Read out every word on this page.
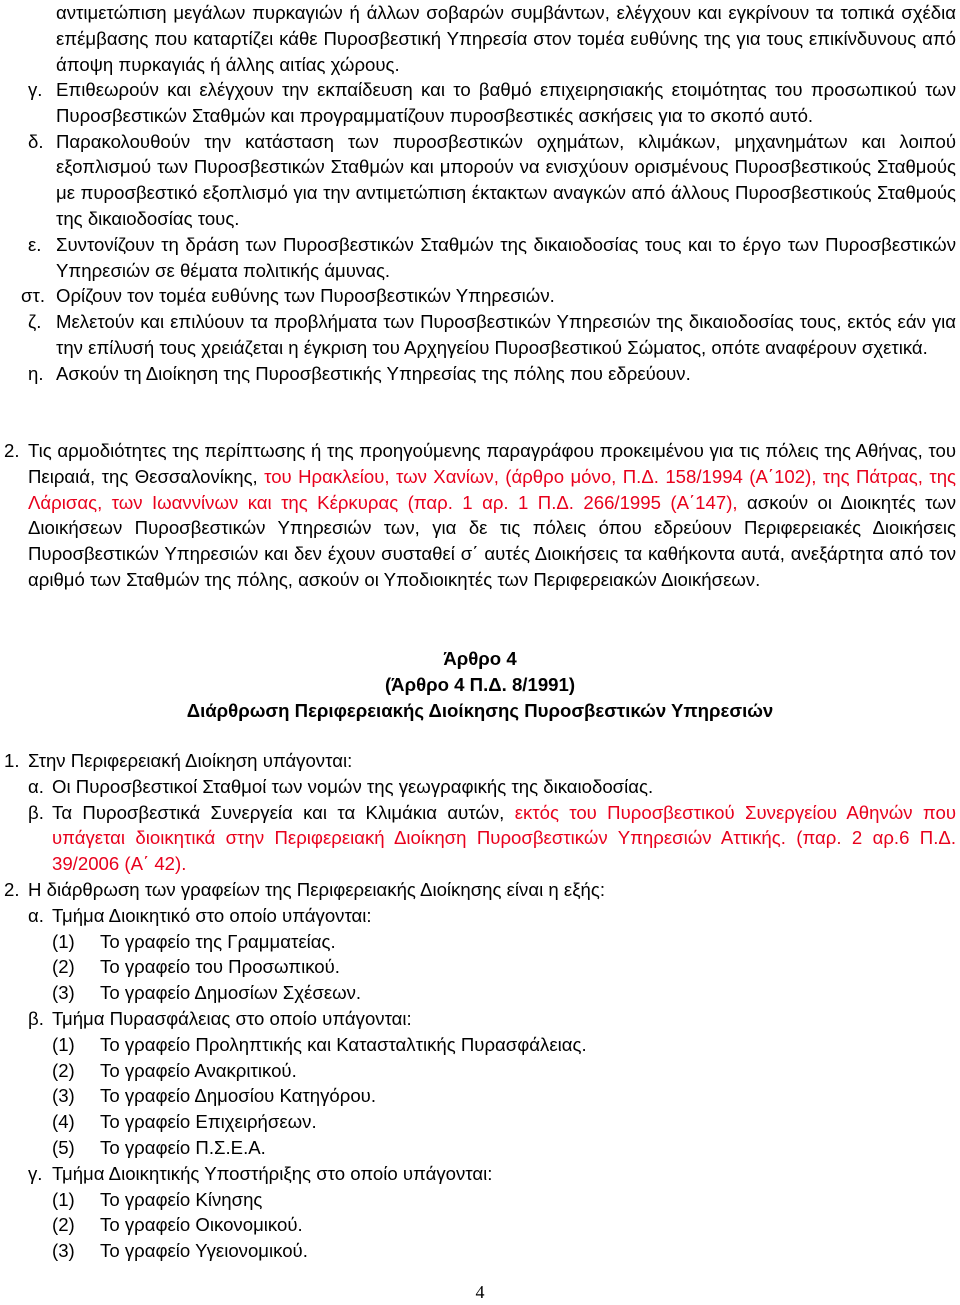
αντιμετώπιση μεγάλων πυρκαγιών ή άλλων σοβαρών συμβάντων, ελέγχουν και εγκρίνουν τα τοπικά σχέδια επέμβασης που καταρτίζει κάθε Πυροσβεστική Υπηρεσία στον τομέα ευθύνης της για τους επικίνδυνους από άποψη πυρκαγιάς ή άλλης αιτίας χώρους.
γ. Επιθεωρούν και ελέγχουν την εκπαίδευση και το βαθμό επιχειρησιακής ετοιμότητας του προσωπικού των Πυροσβεστικών Σταθμών και προγραμματίζουν πυροσβεστικές ασκήσεις για το σκοπό αυτό.
δ. Παρακολουθούν την κατάσταση των πυροσβεστικών οχημάτων, κλιμάκων, μηχανημάτων και λοιπού εξοπλισμού των Πυροσβεστικών Σταθμών και μπορούν να ενισχύουν ορισμένους Πυροσβεστικούς Σταθμούς με πυροσβεστικό εξοπλισμό για την αντιμετώπιση έκτακτων αναγκών από άλλους Πυροσβεστικούς Σταθμούς της δικαιοδοσίας τους.
ε. Συντονίζουν τη δράση των Πυροσβεστικών Σταθμών της δικαιοδοσίας τους και το έργο των Πυροσβεστικών Υπηρεσιών σε θέματα πολιτικής άμυνας.
στ. Ορίζουν τον τομέα ευθύνης των Πυροσβεστικών Υπηρεσιών.
ζ. Μελετούν και επιλύουν τα προβλήματα των Πυροσβεστικών Υπηρεσιών της δικαιοδοσίας τους, εκτός εάν για την επίλυσή τους χρειάζεται η έγκριση του Αρχηγείου Πυροσβεστικού Σώματος, οπότε αναφέρουν σχετικά.
η. Ασκούν τη Διοίκηση της Πυροσβεστικής Υπηρεσίας της πόλης που εδρεύουν.
2. Τις αρμοδιότητες της περίπτωσης ή της προηγούμενης παραγράφου προκειμένου για τις πόλεις της Αθήνας, του Πειραιά, της Θεσσαλονίκης, του Ηρακλείου, των Χανίων, (άρθρο μόνο, Π.Δ. 158/1994 (Α΄102), της Πάτρας, της Λάρισας, των Ιωαννίνων και της Κέρκυρας (παρ. 1 αρ. 1 Π.Δ. 266/1995 (Α΄147), ασκούν οι Διοικητές των Διοικήσεων Πυροσβεστικών Υπηρεσιών των, για δε τις πόλεις όπου εδρεύουν Περιφερειακές Διοικήσεις Πυροσβεστικών Υπηρεσιών και δεν έχουν συσταθεί σ΄ αυτές Διοικήσεις τα καθήκοντα αυτά, ανεξάρτητα από τον αριθμό των Σταθμών της πόλης, ασκούν οι Υποδιοικητές των Περιφερειακών Διοικήσεων.
Άρθρο 4
(Άρθρο 4 Π.Δ. 8/1991)
Διάρθρωση Περιφερειακής Διοίκησης Πυροσβεστικών Υπηρεσιών
1. Στην Περιφερειακή Διοίκηση υπάγονται:
α. Οι Πυροσβεστικοί Σταθμοί των νομών της γεωγραφικής της δικαιοδοσίας.
β. Τα Πυροσβεστικά Συνεργεία και τα Κλιμάκια αυτών, εκτός του Πυροσβεστικού Συνεργείου Αθηνών που υπάγεται διοικητικά στην Περιφερειακή Διοίκηση Πυροσβεστικών Υπηρεσιών Αττικής. (παρ. 2 αρ.6 Π.Δ. 39/2006 (Α΄ 42).
2. Η διάρθρωση των γραφείων της Περιφερειακής Διοίκησης είναι η εξής:
α. Τμήμα Διοικητικό στο οποίο υπάγονται:
(1)	Το γραφείο της Γραμματείας.
(2)	Το γραφείο του Προσωπικού.
(3)	Το γραφείο Δημοσίων Σχέσεων.
β. Τμήμα Πυρασφάλειας στο οποίο υπάγονται:
(1)	Το γραφείο Προληπτικής και Κατασταλτικής Πυρασφάλειας.
(2)	Το γραφείο Ανακριτικού.
(3)	Το γραφείο Δημοσίου Κατηγόρου.
(4)	Το γραφείο Επιχειρήσεων.
(5)	Το γραφείο Π.Σ.Ε.Α.
γ. Τμήμα Διοικητικής Υποστήριξης στο οποίο υπάγονται:
(1)	Το γραφείο Κίνησης
(2)	Το γραφείο Οικονομικού.
(3)	Το γραφείο Υγειονομικού.
4
